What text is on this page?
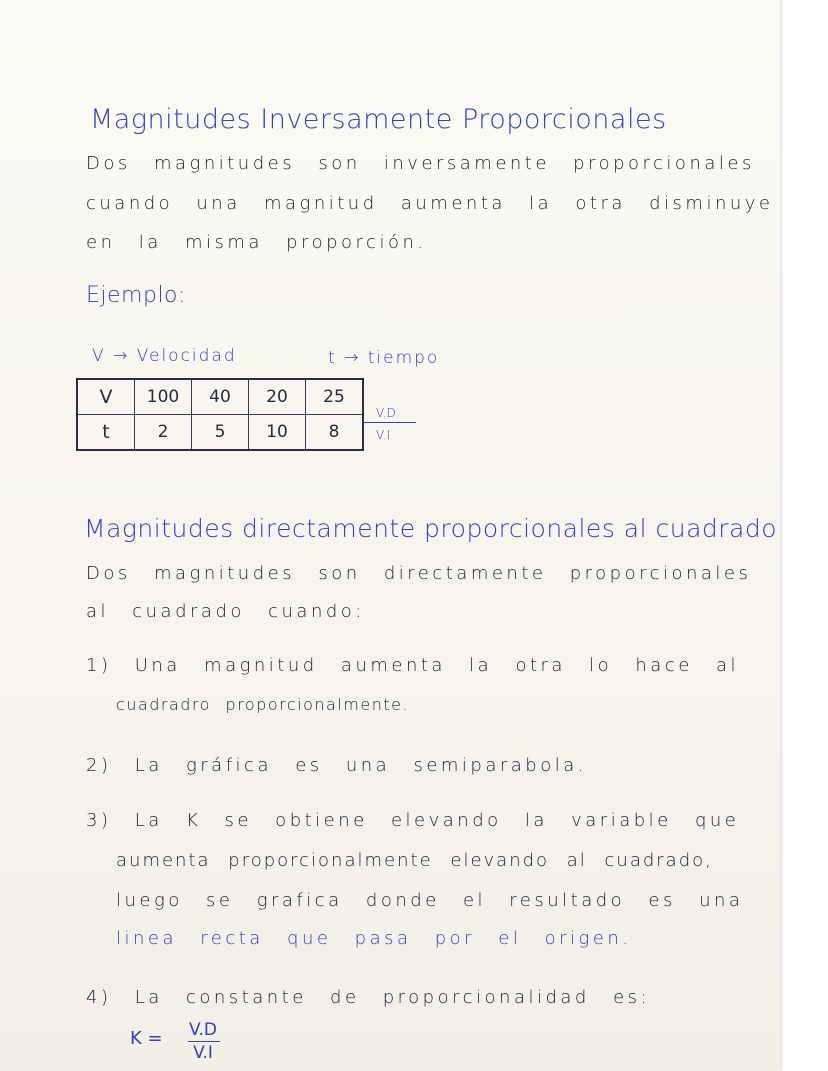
Magnitudes Inversamente Proporcionales
Dos magnitudes son inversamente proporcionales
cuando una magnitud aumenta la otra disminuye
en la misma proporción.
Ejemplo:
V → Velocidad	t → tiempo
V	100	40	20	25
t	2	5	10	8
V.D
V.I
Magnitudes directamente proporcionales al cuadrado
Dos magnitudes son directamente proporcionales
al cuadrado cuando:
1) Una magnitud aumenta la otra lo hace al
cuadradro proporcionalmente.
2) La gráfica es una semiparabola.
3) La K se obtiene elevando la variable que
aumenta proporcionalmente elevando al cuadrado,
luego se grafica donde el resultado es una
linea recta que pasa por el origen.
4) La constante de proporcionalidad es:
K =	V.D
V.I
